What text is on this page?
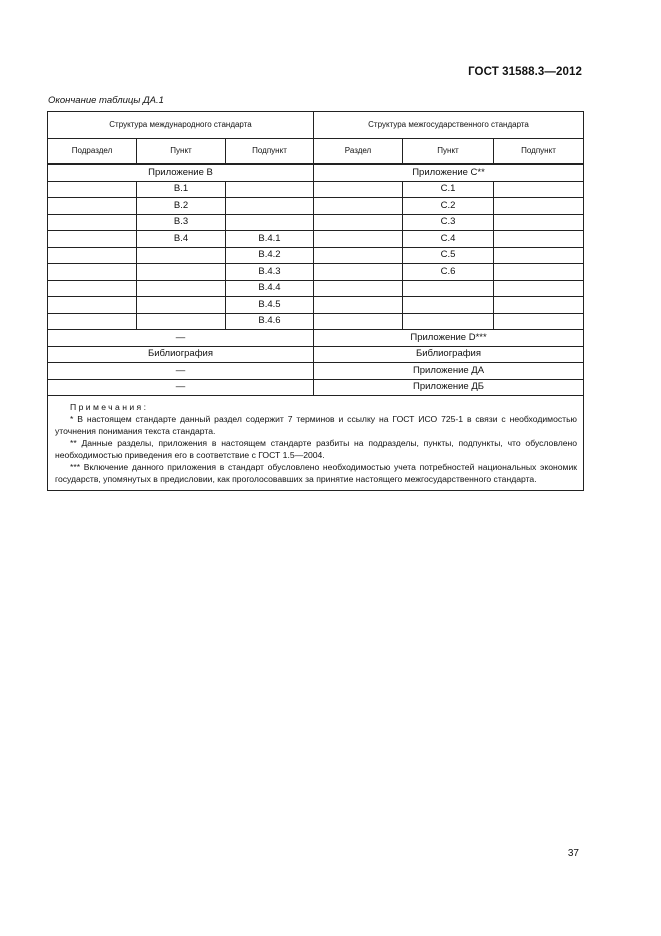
ГОСТ 31588.3—2012
Окончание таблицы ДА.1
Структура международного стандарта			Структура межгосударственного стандарта		
Подраздел	Пункт	Подпункт	Раздел	Пункт	Подпункт
Приложение B			Приложение C**		
	B.1			C.1	
	B.2			C.2	
	B.3			C.3	
	B.4	B.4.1		C.4	
		B.4.2		C.5	
		B.4.3		C.6	
		B.4.4			
		B.4.5			
		B.4.6			
—			Приложение D***		
Библиография			Библиография		
—			Приложение ДА		
—			Приложение ДБ		

Примечания:

* В настоящем стандарте данный раздел содержит 7 терминов и ссылку на ГОСТ ИСО 725-1 в связи с необходимостью уточнения понимания текста стандарта.

** Данные разделы, приложения в настоящем стандарте разбиты на подразделы, пункты, подпункты, что обусловлено необходимостью приведения его в соответствие с ГОСТ 1.5—2004.

*** Включение данного приложения в стандарт обусловлено необходимостью учета потребностей национальных экономик государств, упомянутых в предисловии, как проголосовавших за принятие настоящего межгосударственного стандарта.					

37
